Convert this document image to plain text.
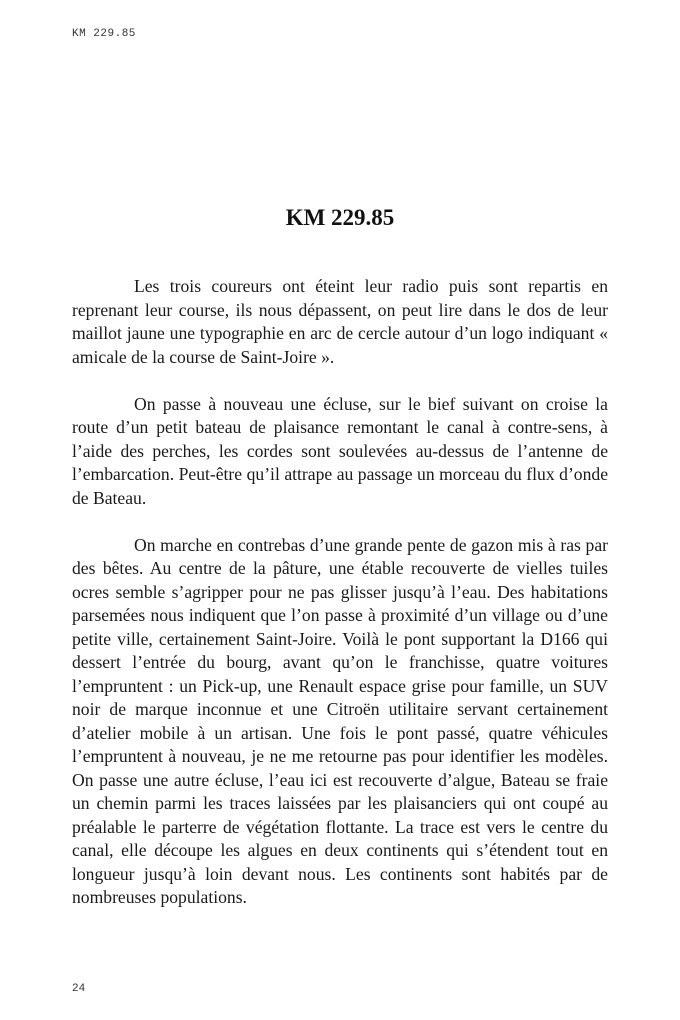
KM 229.85
KM 229.85

Les trois coureurs ont éteint leur radio puis sont repartis en reprenant leur course, ils nous dépassent, on peut lire dans le dos de leur maillot jaune une typographie en arc de cercle autour d’un logo indiquant « amicale de la course de Saint-Joire ».

On passe à nouveau une écluse, sur le bief suivant on croise la route d’un petit bateau de plaisance remontant le canal à contre-sens, à l’aide des perches, les cordes sont soulevées au-dessus de l’antenne de l’embarcation. Peut-être qu’il attrape au passage un morceau du flux d’onde de Bateau.

On marche en contrebas d’une grande pente de gazon mis à ras par des bêtes. Au centre de la pâture, une étable recouverte de vielles tuiles ocres semble s’agripper pour ne pas glisser jusqu’à l’eau. Des habitations parsemées nous indiquent que l’on passe à proximité d’un village ou d’une petite ville, certainement Saint-Joire. Voilà le pont supportant la D166 qui dessert l’entrée du bourg, avant qu’on le franchisse, quatre voitures l’empruntent : un Pick-up, une Renault espace grise pour famille, un SUV noir de marque inconnue et une Citroën utilitaire servant certainement d’atelier mobile à un artisan. Une fois le pont passé, quatre véhicules l’empruntent à nouveau, je ne me retourne pas pour identifier les modèles. On passe une autre écluse, l’eau ici est recouverte d’algue, Bateau se fraie un chemin parmi les traces laissées par les plaisanciers qui ont coupé au préalable le parterre de végétation flottante. La trace est vers le centre du canal, elle découpe les algues en deux continents qui s’étendent tout en longueur jusqu’à loin devant nous. Les continents sont habités par de nombreuses populations.

24
